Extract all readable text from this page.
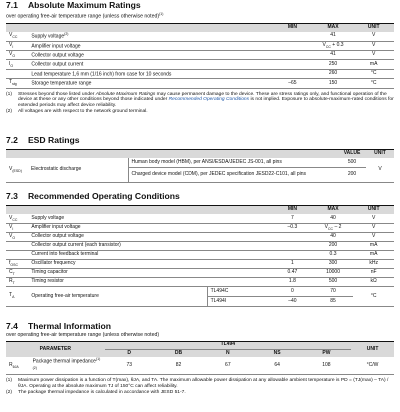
7.1 Absolute Maximum Ratings
over operating free-air temperature range (unless otherwise noted)$^{(1)}$
		MIN	MAX	UNIT
$V_{CC}$	Supply voltage$^{(2)}$		41	V
$V_I$	Amplifier input voltage		$V_{CC} + 0.3$	V
$V_O$	Collector output voltage		41	V
$I_O$	Collector output current		250	mA
	Lead temperature 1,6 mm (1/16 inch) from case for 10 seconds		260	°C
$T_{stg}$	Storage temperature range	–65	150	°C
(1)	Stresses beyond those listed under Absolute Maximum Ratings may cause permanent damage to the device. These are stress ratings only, and functional operation of the device at these or any other conditions beyond those indicated under Recommended Operating Conditions is not implied. Exposure to absolute-maximum-rated conditions for extended periods may affect device reliability.
(2)	All voltages are with respect to the network ground terminal.
7.2 ESD Ratings
			VALUE	UNIT
$V_{(ESD)}$	Electrostatic discharge	Human body model (HBM), per ANSI/ESDA/JEDEC JS-001, all pins	500	V
		Charged device model (CDM), per JEDEC specification JESD22-C101, all pins	200	
7.3 Recommended Operating Conditions
			MIN	MAX	UNIT
$V_{CC}$	Supply voltage		7	40	V
$V_I$	Amplifier input voltage		–0.3	$V_{CC} - 2$	V
$V_O$	Collector output voltage			40	V
	Collector output current (each transistor)			200	mA
	Current into feedback terminal			0.3	mA
$f_{OSC}$	Oscillator frequency		1	300	kHz
$C_T$	Timing capacitor		0.47	10000	nF
$R_T$	Timing resistor		1.8	500	kΩ
$T_A$	Operating free-air temperature	TL494C	0	70	°C
		TL494I	–40	85	
7.4 Thermal Information
over operating free-air temperature range (unless otherwise noted)
PARAMETER		TL494					UNIT
		D	DB	N	NS	PW	
$R_{\theta JA}$	Package thermal impedance$^{(1)(2)}$	73	82	67	64	108	°C/W
(1)	Maximum power dissipation is a function of T(max), θJA, and TA. The maximum allowable power dissipation at any allowable ambient temperature is PD = (TJ(max) – TA) / θJA. Operating at the absolute maximum TJ of 150°C can affect reliability.
(2)	The package thermal impedance is calculated in accordance with JESD 51-7.
